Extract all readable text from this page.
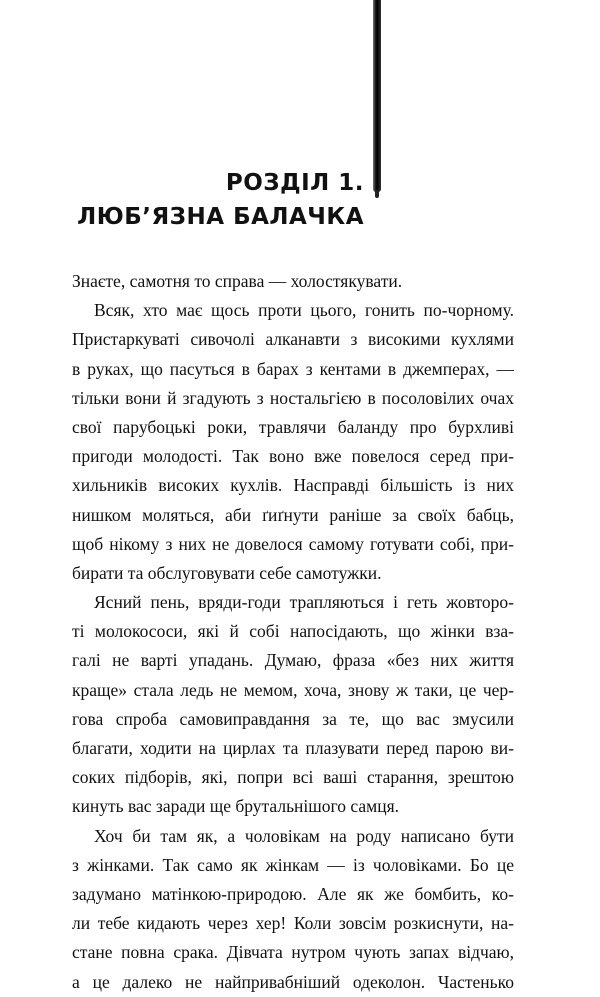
РОЗДІЛ 1.
ЛЮБ’ЯЗНА БАЛАЧКА
Знаєте, самотня то справа — холостякувати.
Всяк, хто має щось проти цього, гонить по-чорному.
Пристаркуваті сивочолі алканавти з високими кухлями
в руках, що пасуться в барах з кентами в джемперах, —
тільки вони й згадують з ностальгією в посоловілих очах
свої парубоцькі роки, травлячи баланду про бурхливі
пригоди молодості. Так воно вже повелося серед при-
хильників високих кухлів. Насправді більшість із них
нишком моляться, аби ґиґнути раніше за своїх бабць,
щоб нікому з них не довелося самому готувати собі, при-
бирати та обслуговувати себе самотужки.
Ясний пень, вряди-годи трапляються і геть жовторо-
ті молокососи, які й собі напосідають, що жінки вза-
галі не варті упадань. Думаю, фраза «без них життя
краще» стала ледь не мемом, хоча, знову ж таки, це чер-
гова спроба самовиправдання за те, що вас змусили
благати, ходити на цирлах та плазувати перед парою ви-
соких підборів, які, попри всі ваші старання, зрештою
кинуть вас заради ще брутальнішого самця.
Хоч би там як, а чоловікам на роду написано бути
з жінками. Так само як жінкам — із чоловіками. Бо це
задумано матінкою-природою. Але як же бомбить, ко-
ли тебе кидають через хер! Коли зовсім розкиснути, на-
стане повна срака. Дівчата нутром чують запах відчаю,
а це далеко не найпривабніший одеколон. Частенько
